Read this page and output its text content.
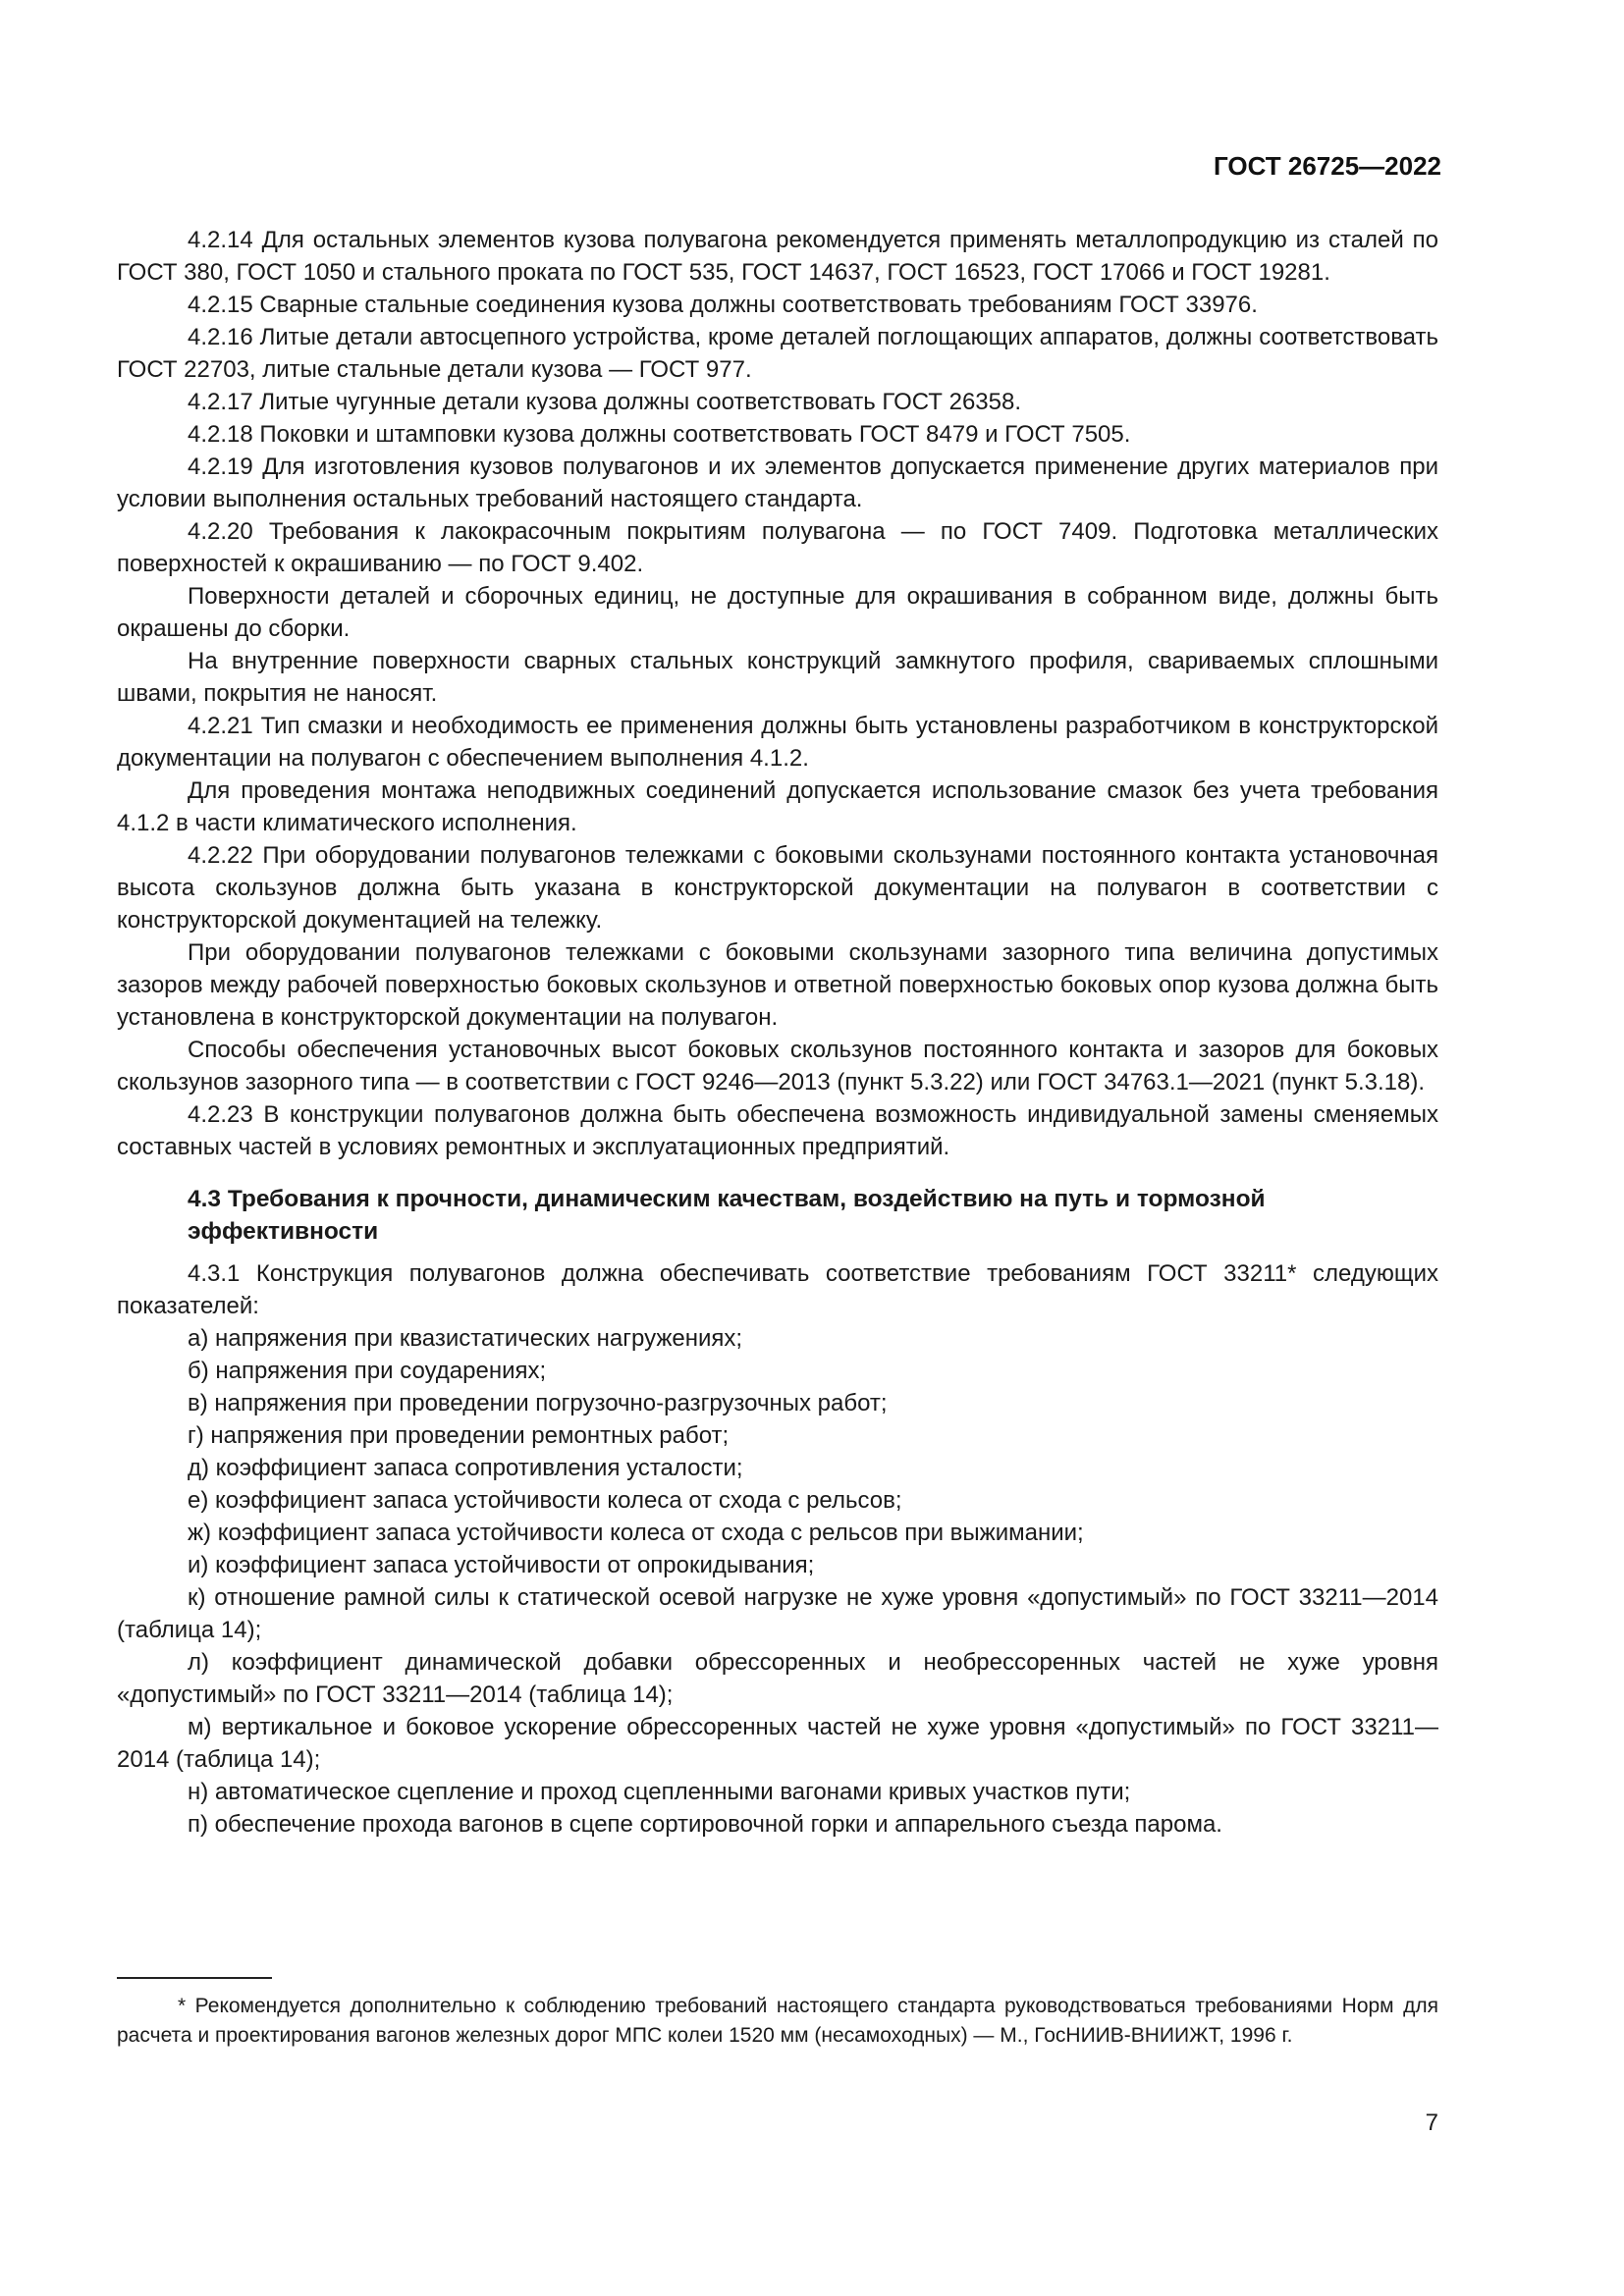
ГОСТ 26725—2022

4.2.14 Для остальных элементов кузова полувагона рекомендуется применять металлопродукцию из сталей по ГОСТ 380, ГОСТ 1050 и стального проката по ГОСТ 535, ГОСТ 14637, ГОСТ 16523, ГОСТ 17066 и ГОСТ 19281.

4.2.15 Сварные стальные соединения кузова должны соответствовать требованиям ГОСТ 33976.

4.2.16 Литые детали автосцепного устройства, кроме деталей поглощающих аппаратов, должны соответствовать ГОСТ 22703, литые стальные детали кузова — ГОСТ 977.

4.2.17 Литые чугунные детали кузова должны соответствовать ГОСТ 26358.

4.2.18 Поковки и штамповки кузова должны соответствовать ГОСТ 8479 и ГОСТ 7505.

4.2.19 Для изготовления кузовов полувагонов и их элементов допускается применение других материалов при условии выполнения остальных требований настоящего стандарта.

4.2.20 Требования к лакокрасочным покрытиям полувагона — по ГОСТ 7409. Подготовка металлических поверхностей к окрашиванию — по ГОСТ 9.402.

Поверхности деталей и сборочных единиц, не доступные для окрашивания в собранном виде, должны быть окрашены до сборки.

На внутренние поверхности сварных стальных конструкций замкнутого профиля, свариваемых сплошными швами, покрытия не наносят.

4.2.21 Тип смазки и необходимость ее применения должны быть установлены разработчиком в конструкторской документации на полувагон с обеспечением выполнения 4.1.2.

Для проведения монтажа неподвижных соединений допускается использование смазок без учета требования 4.1.2 в части климатического исполнения.

4.2.22 При оборудовании полувагонов тележками с боковыми скользунами постоянного контакта установочная высота скользунов должна быть указана в конструкторской документации на полувагон в соответствии с конструкторской документацией на тележку.

При оборудовании полувагонов тележками с боковыми скользунами зазорного типа величина допустимых зазоров между рабочей поверхностью боковых скользунов и ответной поверхностью боковых опор кузова должна быть установлена в конструкторской документации на полувагон.

Способы обеспечения установочных высот боковых скользунов постоянного контакта и зазоров для боковых скользунов зазорного типа — в соответствии с ГОСТ 9246—2013 (пункт 5.3.22) или ГОСТ 34763.1—2021 (пункт 5.3.18).

4.2.23 В конструкции полувагонов должна быть обеспечена возможность индивидуальной замены сменяемых составных частей в условиях ремонтных и эксплуатационных предприятий.

4.3 Требования к прочности, динамическим качествам, воздействию на путь и тормозной эффективности

4.3.1 Конструкция полувагонов должна обеспечивать соответствие требованиям ГОСТ 33211* следующих показателей:

а) напряжения при квазистатических нагружениях;

б) напряжения при соударениях;

в) напряжения при проведении погрузочно-разгрузочных работ;

г) напряжения при проведении ремонтных работ;

д) коэффициент запаса сопротивления усталости;

е) коэффициент запаса устойчивости колеса от схода с рельсов;

ж) коэффициент запаса устойчивости колеса от схода с рельсов при выжимании;

и) коэффициент запаса устойчивости от опрокидывания;

к) отношение рамной силы к статической осевой нагрузке не хуже уровня «допустимый» по ГОСТ 33211—2014 (таблица 14);

л) коэффициент динамической добавки обрессоренных и необрессоренных частей не хуже уровня «допустимый» по ГОСТ 33211—2014 (таблица 14);

м) вертикальное и боковое ускорение обрессоренных частей не хуже уровня «допустимый» по ГОСТ 33211—2014 (таблица 14);

н) автоматическое сцепление и проход сцепленными вагонами кривых участков пути;

п) обеспечение прохода вагонов в сцепе сортировочной горки и аппарельного съезда парома.

* Рекомендуется дополнительно к соблюдению требований настоящего стандарта руководствоваться требованиями Норм для расчета и проектирования вагонов железных дорог МПС колеи 1520 мм (несамоходных) — М., ГосНИИВ-ВНИИЖТ, 1996 г.

7
